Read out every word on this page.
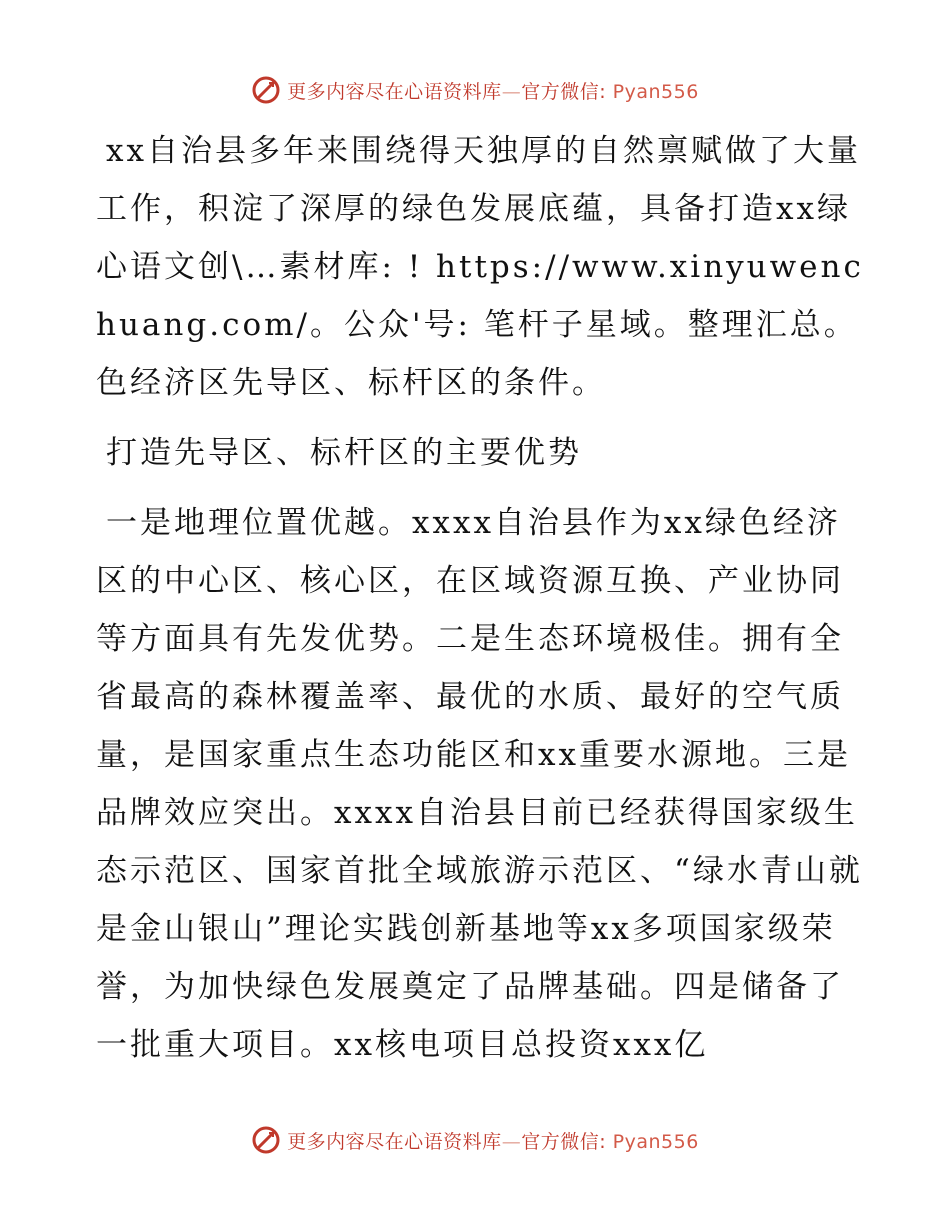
更多内容尽在心语资料库—官方微信: Pyan556

xx自治县多年来围绕得天独厚的自然禀赋做了大量工作，积淀了深厚的绿色发展底蕴，具备打造xx绿心语文创\…素材库: ! https://www.xinyuwenchuang.com/。公众'号: 笔杆子星域。整理汇总。色经济区先导区、标杆区的条件。

打造先导区、标杆区的主要优势

一是地理位置优越。xxxx自治县作为xx绿色经济区的中心区、核心区，在区域资源互换、产业协同等方面具有先发优势。二是生态环境极佳。拥有全省最高的森林覆盖率、最优的水质、最好的空气质量，是国家重点生态功能区和xx重要水源地。三是品牌效应突出。xxxx自治县目前已经获得国家级生态示范区、国家首批全域旅游示范区、“绿水青山就是金山银山”理论实践创新基地等xx多项国家级荣誉，为加快绿色发展奠定了品牌基础。四是储备了一批重大项目。xx核电项目总投资xxx亿

更多内容尽在心语资料库—官方微信: Pyan556
